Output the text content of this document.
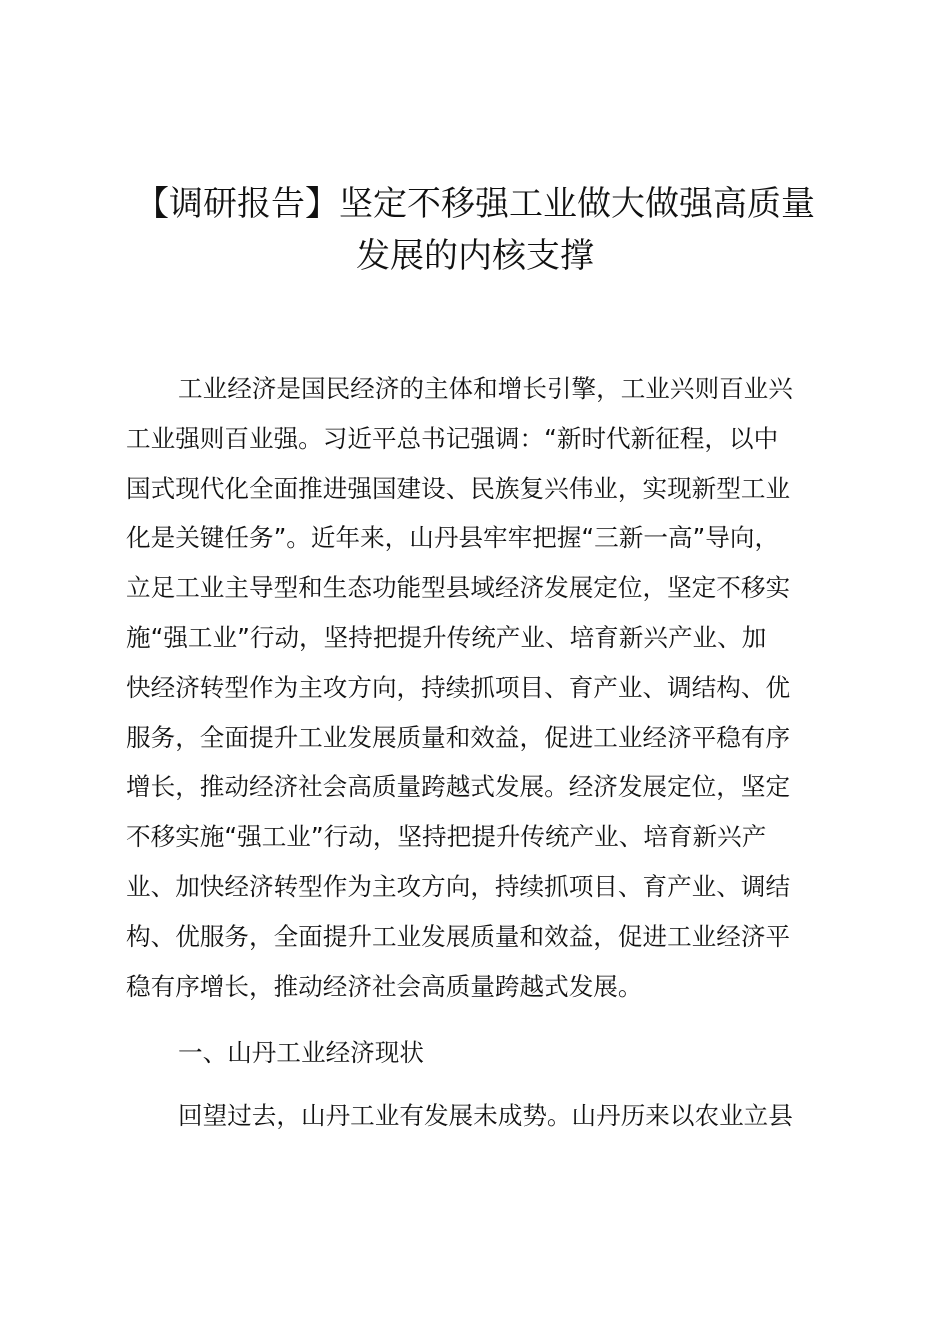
【调研报告】坚定不移强工业做大做强高质量
发展的内核支撑
工业经济是国民经济的主体和增长引擎，工业兴则百业兴
工业强则百业强。习近平总书记强调：“新时代新征程，以中
国式现代化全面推进强国建设、民族复兴伟业，实现新型工业
化是关键任务”。近年来，山丹县牢牢把握“三新一高”导向，
立足工业主导型和生态功能型县域经济发展定位，坚定不移实
施“强工业”行动，坚持把提升传统产业、培育新兴产业、加
快经济转型作为主攻方向，持续抓项目、育产业、调结构、优
服务，全面提升工业发展质量和效益，促进工业经济平稳有序
增长，推动经济社会高质量跨越式发展。经济发展定位，坚定
不移实施“强工业”行动，坚持把提升传统产业、培育新兴产
业、加快经济转型作为主攻方向，持续抓项目、育产业、调结
构、优服务，全面提升工业发展质量和效益，促进工业经济平
稳有序增长，推动经济社会高质量跨越式发展。
一、山丹工业经济现状
回望过去，山丹工业有发展未成势。山丹历来以农业立县
